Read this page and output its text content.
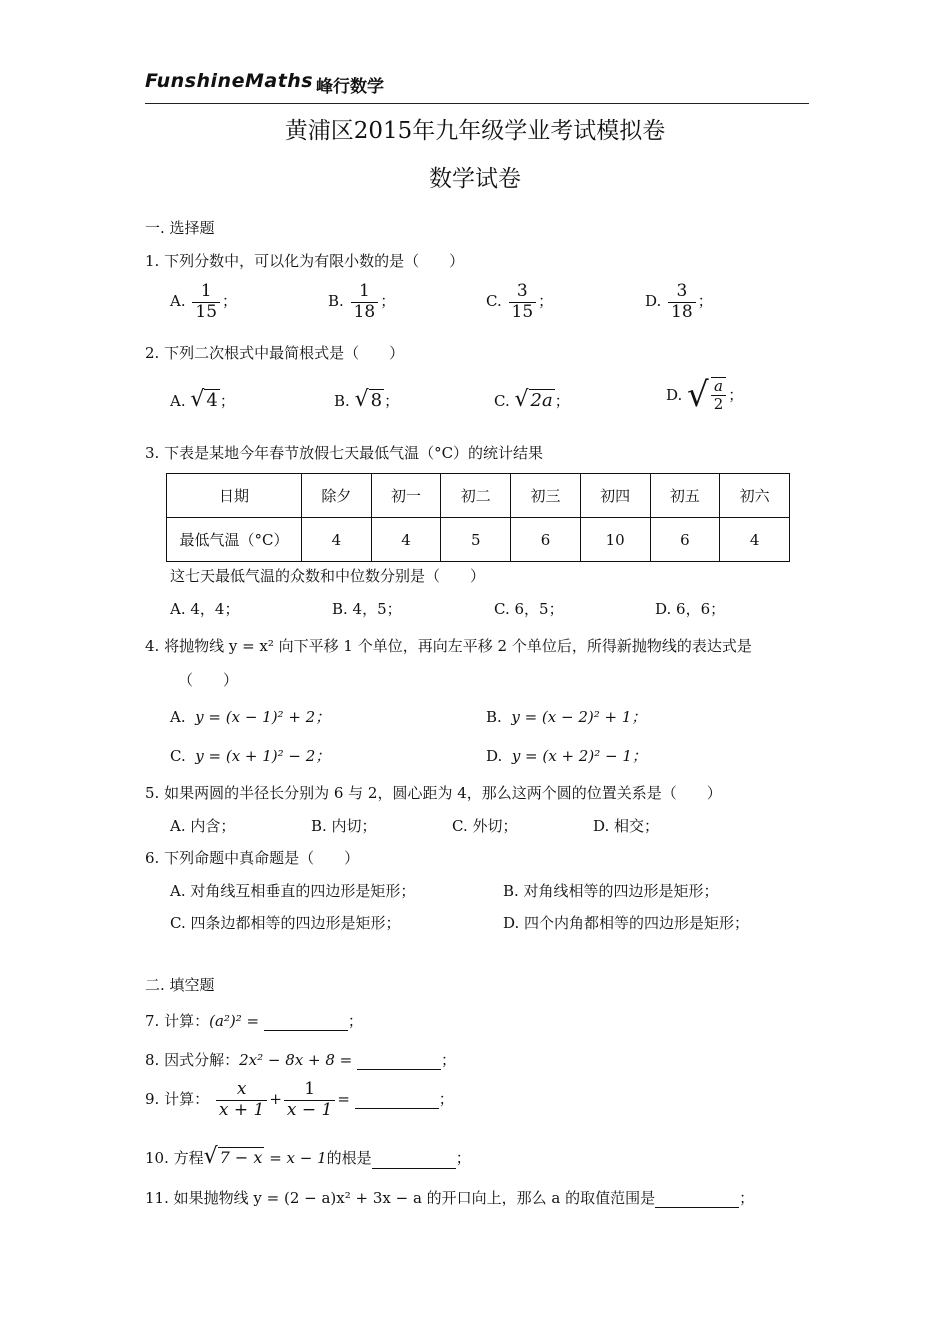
FunshineMaths 峰行数学
黄浦区2015年九年级学业考试模拟卷
数学试卷
一. 选择题
1. 下列分数中，可以化为有限小数的是（　　）
A. $\frac{1}{15}$ ；	B. $\frac{1}{18}$ ；	C. $\frac{3}{15}$ ；	D. $\frac{3}{18}$ ；
2. 下列二次根式中最简根式是（　　）
A. √ 4 ；	B. √ 8 ；	C. √ 2a ；	D. √ $\frac{a}{2}$ ；
3. 下表是某地今年春节放假七天最低气温（°C）的统计结果
日期	除夕	初一	初二	初三	初四	初五	初六
最低气温（°C）	4	4	5	6	10	6	4
这七天最低气温的众数和中位数分别是（　　）
A. 4，4；	B. 4，5；	C. 6，5；	D. 6，6；
4. 将抛物线 y = x² 向下平移 1 个单位，再向左平移 2 个单位后，所得新抛物线的表达式是
（　　）
A. y = (x − 1)² + 2；	B. y = (x − 2)² + 1；
C. y = (x + 1)² − 2；	D. y = (x + 2)² − 1；
5. 如果两圆的半径长分别为 6 与 2，圆心距为 4，那么这两个圆的位置关系是（　　）
A. 内含；	B. 内切；	C. 外切；	D. 相交；
6. 下列命题中真命题是（　　）
A. 对角线互相垂直的四边形是矩形；	B. 对角线相等的四边形是矩形；
C. 四条边都相等的四边形是矩形；	D. 四个内角都相等的四边形是矩形；
二. 填空题
7. 计算：(a²)² =	；
8. 因式分解：2x² − 8x + 8 =	；
9. 计算： $\frac{x}{x + 1} + \frac{1}{x - 1}$ =	；
10. 方程√ 7 − x = x − 1的根是	；
11. 如果抛物线 y = (2 − a)x² + 3x − a 的开口向上，那么 a 的取值范围是	；
